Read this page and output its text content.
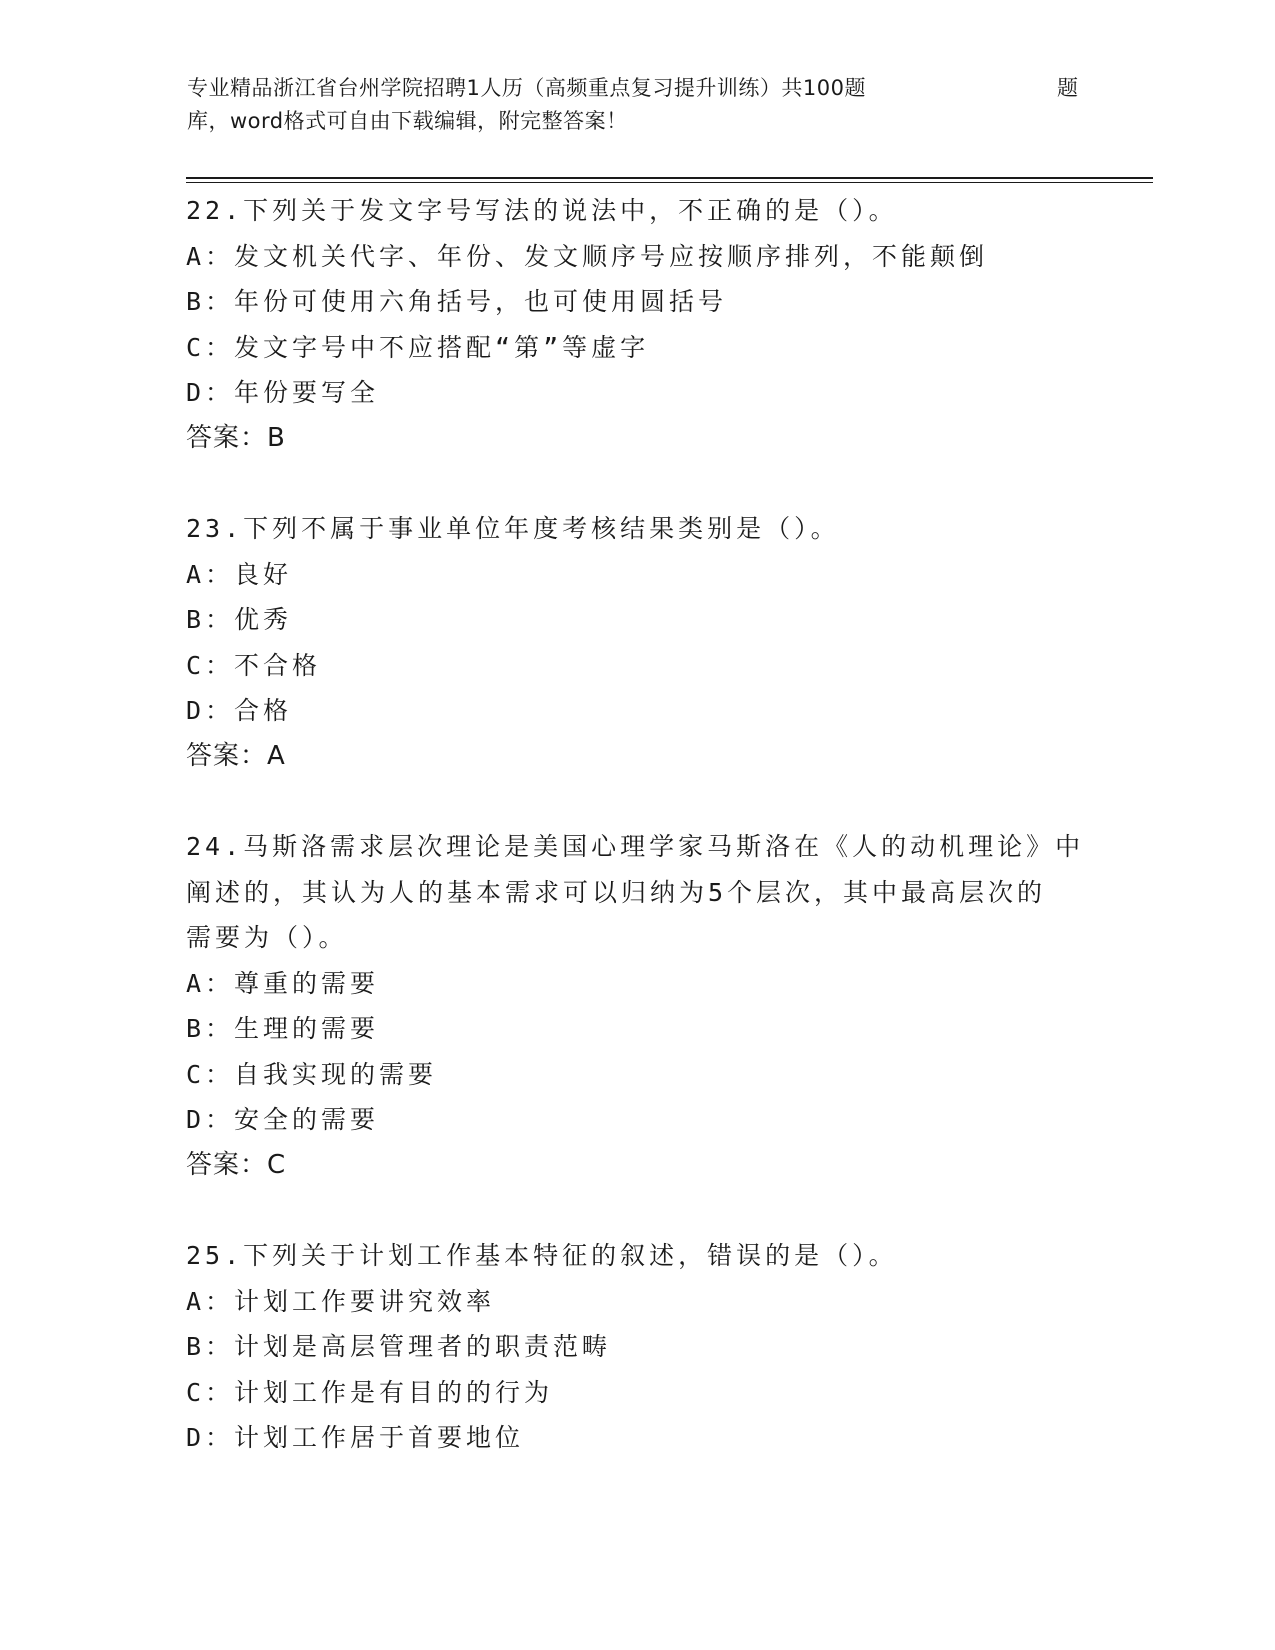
专业精品浙江省台州学院招聘1人历（高频重点复习提升训练）共100题	题
库，word格式可自由下载编辑，附完整答案！
22.下列关于发文字号写法的说法中，不正确的是（）。
A：发文机关代字、年份、发文顺序号应按顺序排列，不能颠倒
B：年份可使用六角括号，也可使用圆括号
C：发文字号中不应搭配“第”等虚字
D：年份要写全
答案：B
23.下列不属于事业单位年度考核结果类别是（）。
A：良好
B：优秀
C：不合格
D：合格
答案：A
24.马斯洛需求层次理论是美国心理学家马斯洛在《人的动机理论》中
阐述的，其认为人的基本需求可以归纳为5个层次，其中最高层次的
需要为（）。
A：尊重的需要
B：生理的需要
C：自我实现的需要
D：安全的需要
答案：C
25.下列关于计划工作基本特征的叙述，错误的是（）。
A：计划工作要讲究效率
B：计划是高层管理者的职责范畴
C：计划工作是有目的的行为
D：计划工作居于首要地位
